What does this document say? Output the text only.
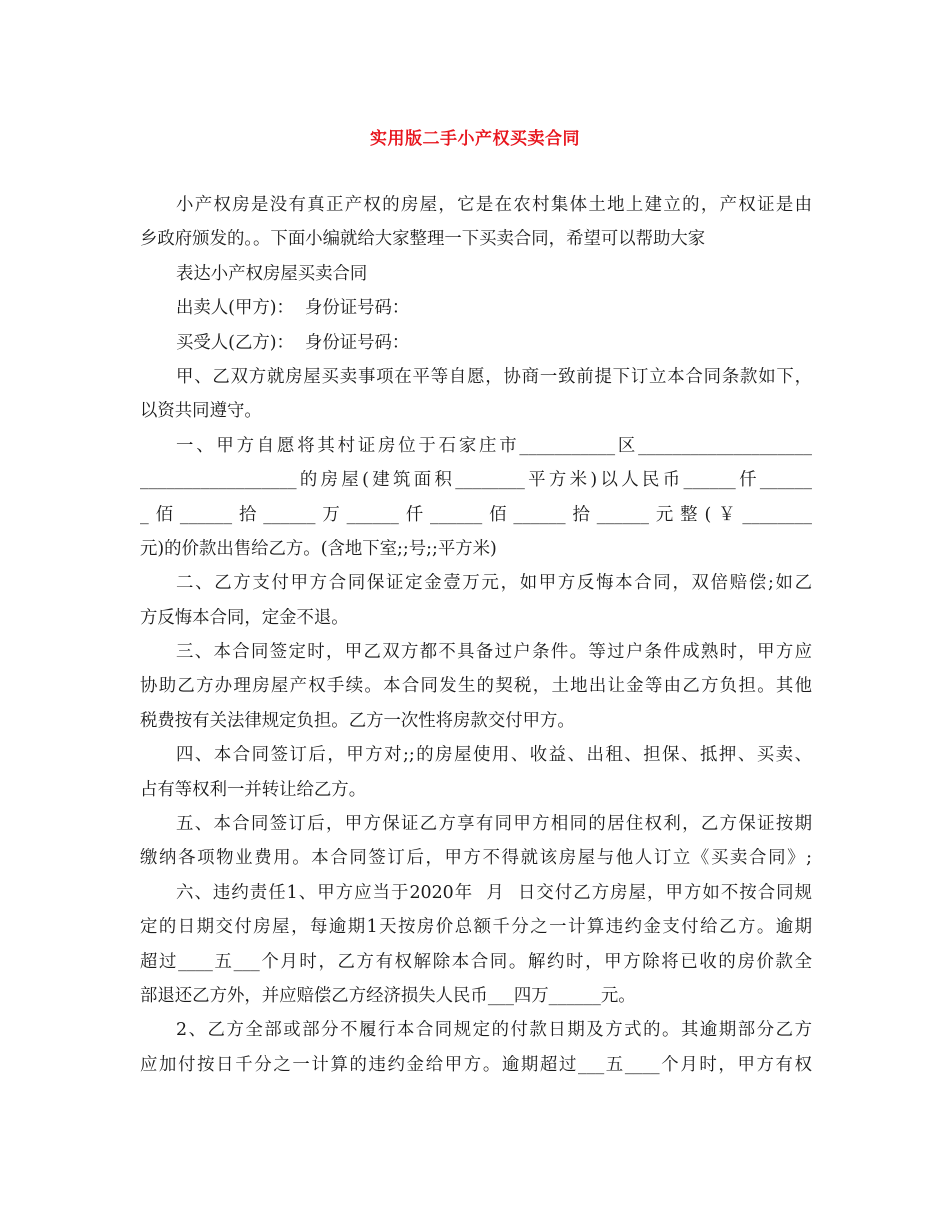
实用版二手小产权买卖合同
小产权房是没有真正产权的房屋，它是在农村集体土地上建立的，产权证是由
乡政府颁发的。。下面小编就给大家整理一下买卖合同，希望可以帮助大家
表达小产权房屋买卖合同
出卖人(甲方)：  身份证号码：
买受人(乙方)：  身份证号码：
甲、乙双方就房屋买卖事项在平等自愿，协商一致前提下订立本合同条款如下，
以资共同遵守。
一、甲方自愿将其村证房位于石家庄市___________区____________________
__________________的房屋(建筑面积________平方米)以人民币______仟______
_佰______拾______万______仟______佰______拾______元整(￥________
元)的价款出售给乙方。(含地下室;;号;;平方米)
二、乙方支付甲方合同保证定金壹万元，如甲方反悔本合同，双倍赔偿;如乙
方反悔本合同，定金不退。
三、本合同签定时，甲乙双方都不具备过户条件。等过户条件成熟时，甲方应
协助乙方办理房屋产权手续。本合同发生的契税，土地出让金等由乙方负担。其他
税费按有关法律规定负担。乙方一次性将房款交付甲方。
四、本合同签订后，甲方对;;的房屋使用、收益、出租、担保、抵押、买卖、
占有等权利一并转让给乙方。
五、本合同签订后，甲方保证乙方享有同甲方相同的居住权利，乙方保证按期
缴纳各项物业费用。本合同签订后，甲方不得就该房屋与他人订立《买卖合同》;
六、违约责任1、甲方应当于2020年  月  日交付乙方房屋，甲方如不按合同规
定的日期交付房屋，每逾期1天按房价总额千分之一计算违约金支付给乙方。逾期
超过____五___个月时，乙方有权解除本合同。解约时，甲方除将已收的房价款全
部退还乙方外，并应赔偿乙方经济损失人民币___四万______元。
2、乙方全部或部分不履行本合同规定的付款日期及方式的。其逾期部分乙方
应加付按日千分之一计算的违约金给甲方。逾期超过___五____个月时，甲方有权
